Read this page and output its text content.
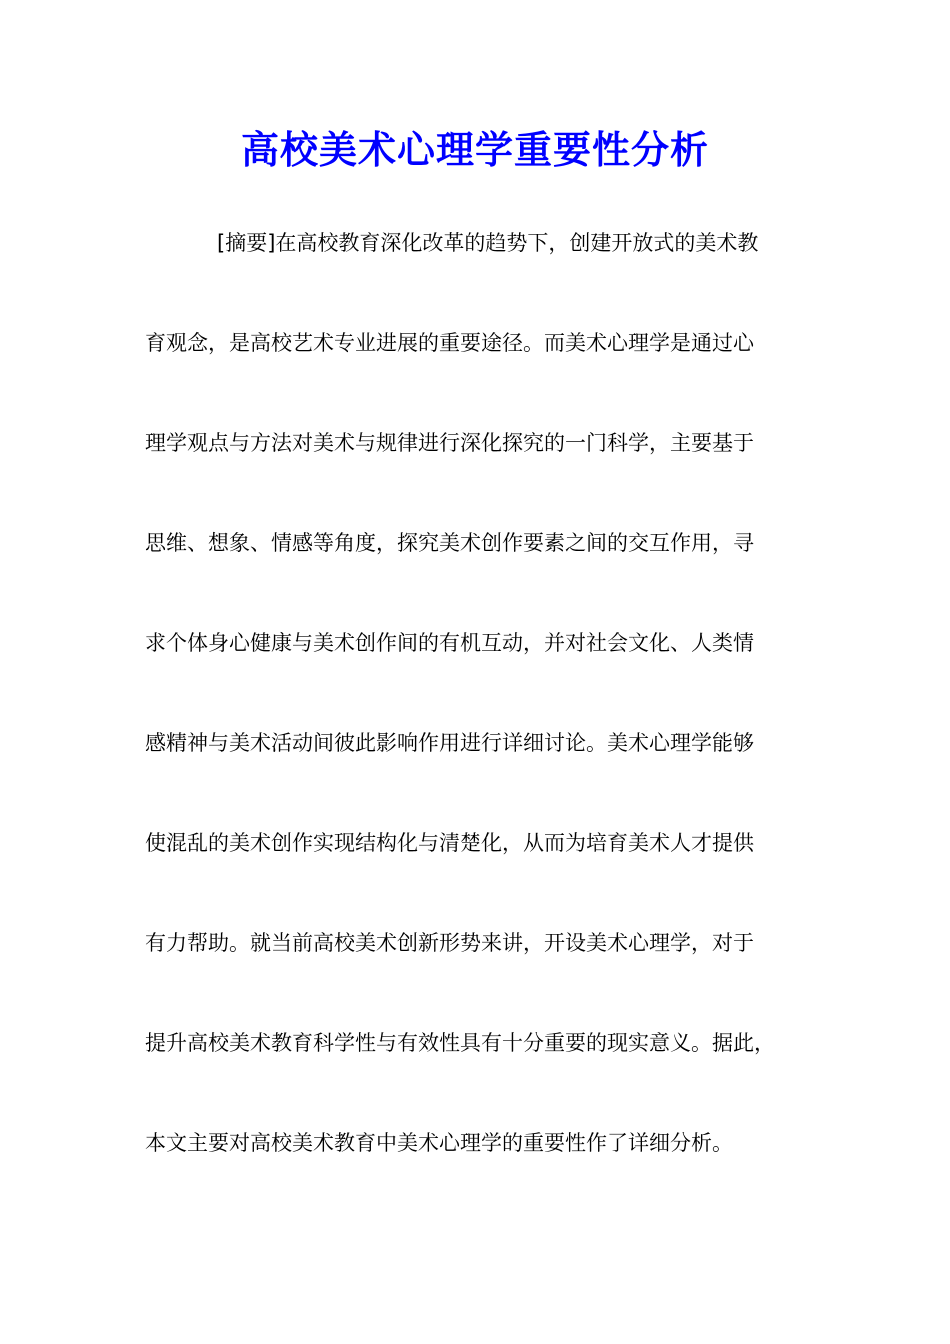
高校美术心理学重要性分析

[摘要]在高校教育深化改革的趋势下，创建开放式的美术教

育观念，是高校艺术专业进展的重要途径。而美术心理学是通过心

理学观点与方法对美术与规律进行深化探究的一门科学，主要基于

思维、想象、情感等角度，探究美术创作要素之间的交互作用，寻

求个体身心健康与美术创作间的有机互动，并对社会文化、人类情

感精神与美术活动间彼此影响作用进行详细讨论。美术心理学能够

使混乱的美术创作实现结构化与清楚化，从而为培育美术人才提供

有力帮助。就当前高校美术创新形势来讲，开设美术心理学，对于

提升高校美术教育科学性与有效性具有十分重要的现实意义。据此，

本文主要对高校美术教育中美术心理学的重要性作了详细分析。
